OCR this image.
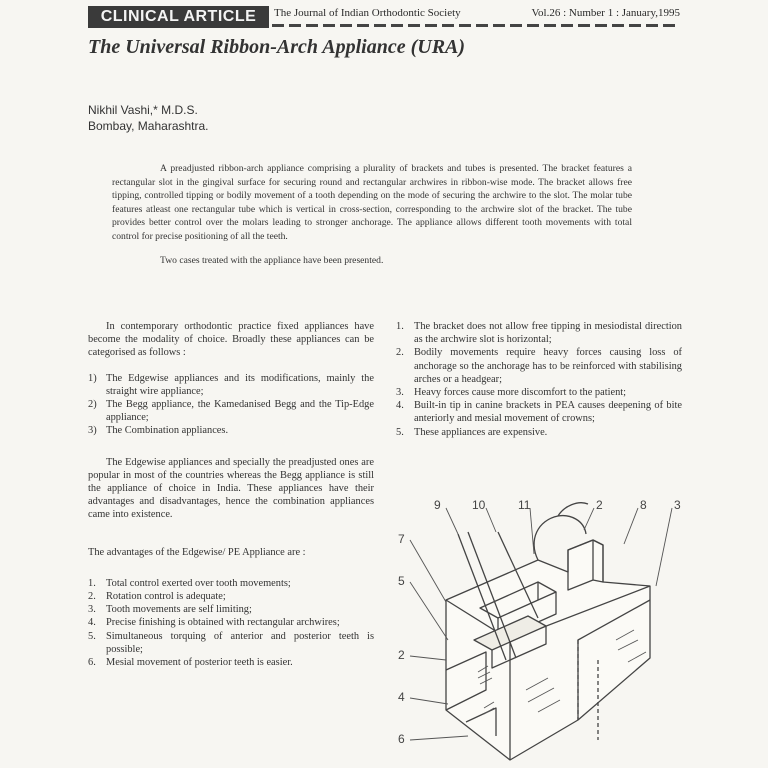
CLINICAL ARTICLE	The Journal of Indian Orthodontic Society	Vol.26 : Number 1 : January,1995
The Universal Ribbon-Arch Appliance (URA)
Nikhil Vashi,* M.D.S.
Bombay, Maharashtra.

A preadjusted ribbon-arch appliance comprising a plurality of brackets and tubes is presented. The bracket features a rectangular slot in the gingival surface for securing round and rectangular archwires in ribbon-wise mode. The bracket allows free tipping, controlled tipping or bodily movement of a tooth depending on the mode of securing the archwire to the slot. The molar tube features atleast one rectangular tube which is vertical in cross-section, corresponding to the archwire slot of the bracket. The tube provides better control over the molars leading to stronger anchorage. The appliance allows different tooth movements with total control for precise positioning of all the teeth.

Two cases treated with the appliance have been presented.

In contemporary orthodontic practice fixed appliances have become the modality of choice. Broadly these appliances can be categorised as follows :

1) The Edgewise appliances and its modifications, mainly the straight wire appliance;
2) The Begg appliance, the Kamedanised Begg and the Tip-Edge appliance;
3) The Combination appliances.

The Edgewise appliances and specially the preadjusted ones are popular in most of the countries whereas the Begg appliance is still the appliance of choice in India. These appliances have their advantages and disadvantages, hence the combination appliances came into existence.

The advantages of the Edgewise/ PE Appliance are :

1. Total control exerted over tooth movements;
2. Rotation control is adequate;
3. Tooth movements are self limiting;
4. Precise finishing is obtained with rectangular archwires;
5. Simultaneous torquing of anterior and posterior teeth is possible;
6. Mesial movement of posterior teeth is easier.
1. The bracket does not allow free tipping in mesiodistal direction as the archwire slot is horizontal;
2. Bodily movements require heavy forces causing loss of anchorage so the anchorage has to be reinforced with stabilising arches or a headgear;
3. Heavy forces cause more discomfort to the patient;
4. Built-in tip in canine brackets in PEA causes deepening of bite anteriorly and mesial movement of crowns;
5. These appliances are expensive.
9	10	11	2	8 3
7
5
2
4
6
